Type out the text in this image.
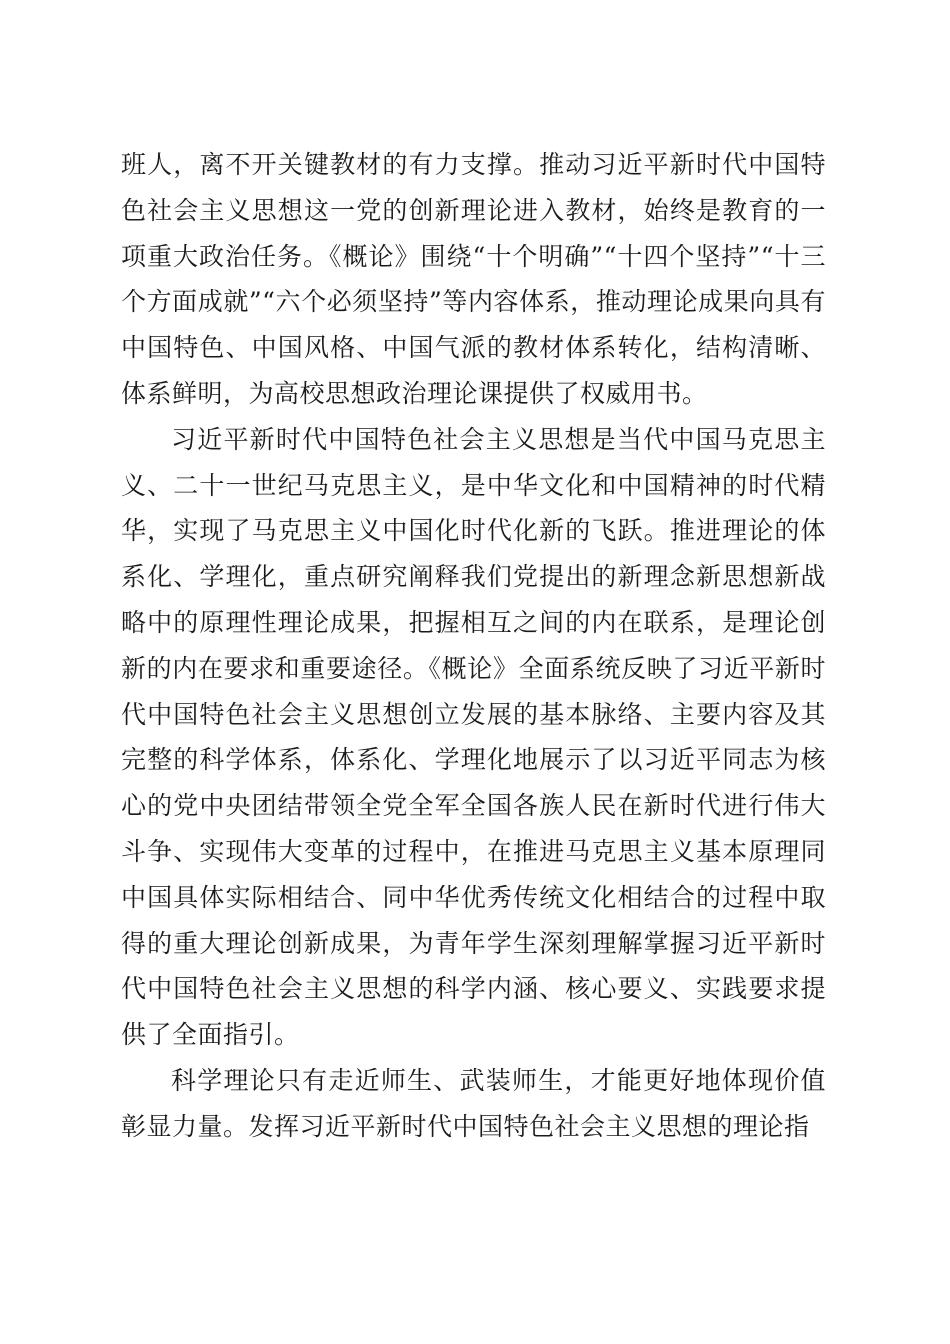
班人，离不开关键教材的有力支撑。推动习近平新时代中国特色社会主义思想这一党的创新理论进入教材，始终是教育的一项重大政治任务。《概论》围绕“十个明确”“十四个坚持”“十三个方面成就”“六个必须坚持”等内容体系，推动理论成果向具有中国特色、中国风格、中国气派的教材体系转化，结构清晰、体系鲜明，为高校思想政治理论课提供了权威用书。

习近平新时代中国特色社会主义思想是当代中国马克思主义、二十一世纪马克思主义，是中华文化和中国精神的时代精华，实现了马克思主义中国化时代化新的飞跃。推进理论的体系化、学理化，重点研究阐释我们党提出的新理念新思想新战略中的原理性理论成果，把握相互之间的内在联系，是理论创新的内在要求和重要途径。《概论》全面系统反映了习近平新时代中国特色社会主义思想创立发展的基本脉络、主要内容及其完整的科学体系，体系化、学理化地展示了以习近平同志为核心的党中央团结带领全党全军全国各族人民在新时代进行伟大斗争、实现伟大变革的过程中，在推进马克思主义基本原理同中国具体实际相结合、同中华优秀传统文化相结合的过程中取得的重大理论创新成果，为青年学生深刻理解掌握习近平新时代中国特色社会主义思想的科学内涵、核心要义、实践要求提供了全面指引。

科学理论只有走近师生、武装师生，才能更好地体现价值彰显力量。发挥习近平新时代中国特色社会主义思想的理论指
